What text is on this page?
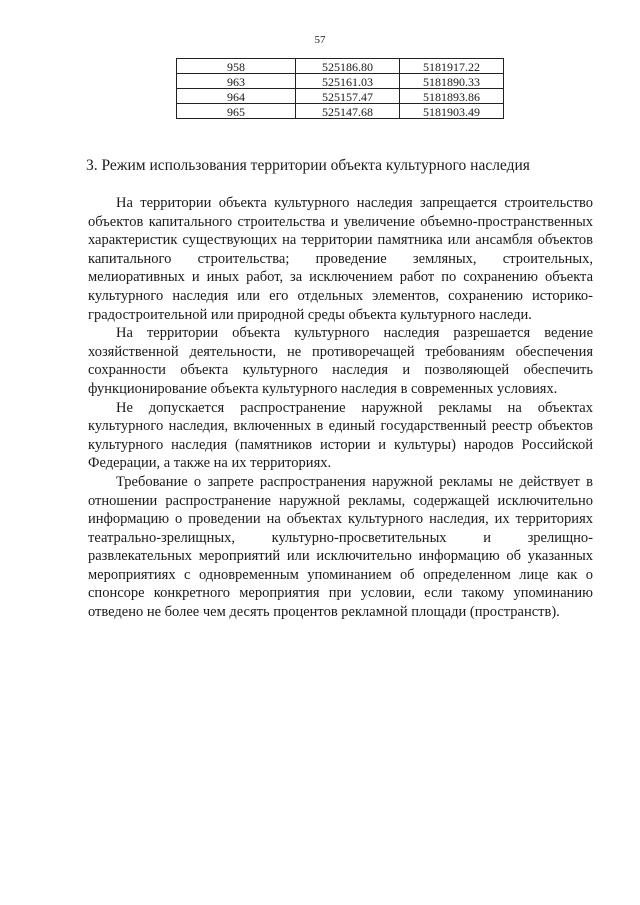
57
958	525186.80	5181917.22
963	525161.03	5181890.33
964	525157.47	5181893.86
965	525147.68	5181903.49
3. Режим использования территории объекта культурного наследия

На территории объекта культурного наследия запрещается строительство объектов капитального строительства и увеличение объемно-пространственных характеристик существующих на территории памятника или ансамбля объектов капитального строительства; проведение земляных, строительных, мелиоративных и иных работ, за исключением работ по сохранению объекта культурного наследия или его отдельных элементов, сохранению историко-градостроительной или природной среды объекта культурного наследи.

На территории объекта культурного наследия разрешается ведение хозяйственной деятельности, не противоречащей требованиям обеспечения сохранности объекта культурного наследия и позволяющей обеспечить функционирование объекта культурного наследия в современных условиях.

Не допускается распространение наружной рекламы на объектах культурного наследия, включенных в единый государственный реестр объектов культурного наследия (памятников истории и культуры) народов Российской Федерации, а также на их территориях.

Требование о запрете распространения наружной рекламы не действует в отношении распространение наружной рекламы, содержащей исключительно информацию о проведении на объектах культурного наследия, их территориях театрально-зрелищных, культурно-просветительных и зрелищно-развлекательных мероприятий или исключительно информацию об указанных мероприятиях с одновременным упоминанием об определенном лице как о спонсоре конкретного мероприятия при условии, если такому упоминанию отведено не более чем десять процентов рекламной площади (пространств).
